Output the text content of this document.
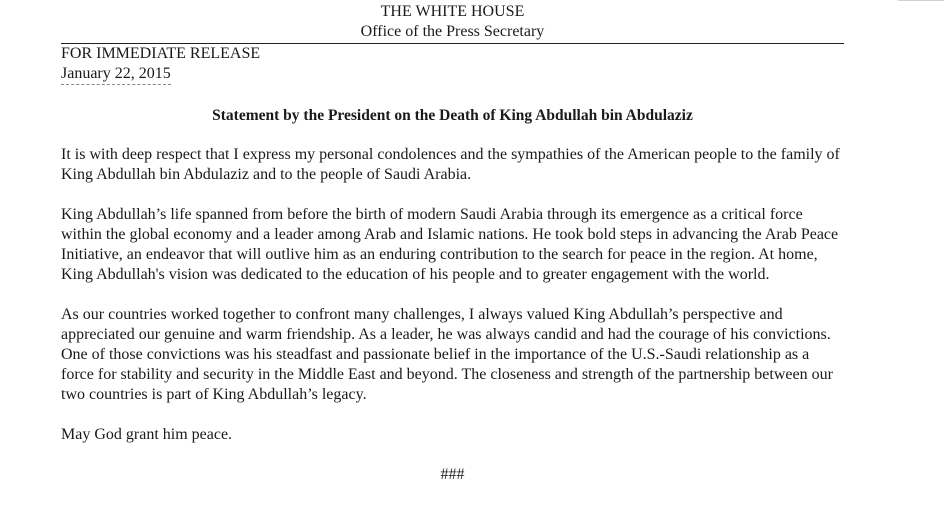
THE WHITE HOUSE
Office of the Press Secretary
FOR IMMEDIATE RELEASE
January 22, 2015
Statement by the President on the Death of King Abdullah bin Abdulaziz

It is with deep respect that I express my personal condolences and the sympathies of the American people to the family of King Abdullah bin Abdulaziz and to the people of Saudi Arabia.

King Abdullah’s life spanned from before the birth of modern Saudi Arabia through its emergence as a critical force within the global economy and a leader among Arab and Islamic nations. He took bold steps in advancing the Arab Peace Initiative, an endeavor that will outlive him as an enduring contribution to the search for peace in the region. At home, King Abdullah's vision was dedicated to the education of his people and to greater engagement with the world.

As our countries worked together to confront many challenges, I always valued King Abdullah’s perspective and appreciated our genuine and warm friendship. As a leader, he was always candid and had the courage of his convictions. One of those convictions was his steadfast and passionate belief in the importance of the U.S.-Saudi relationship as a force for stability and security in the Middle East and beyond. The closeness and strength of the partnership between our two countries is part of King Abdullah’s legacy.

May God grant him peace.

###
